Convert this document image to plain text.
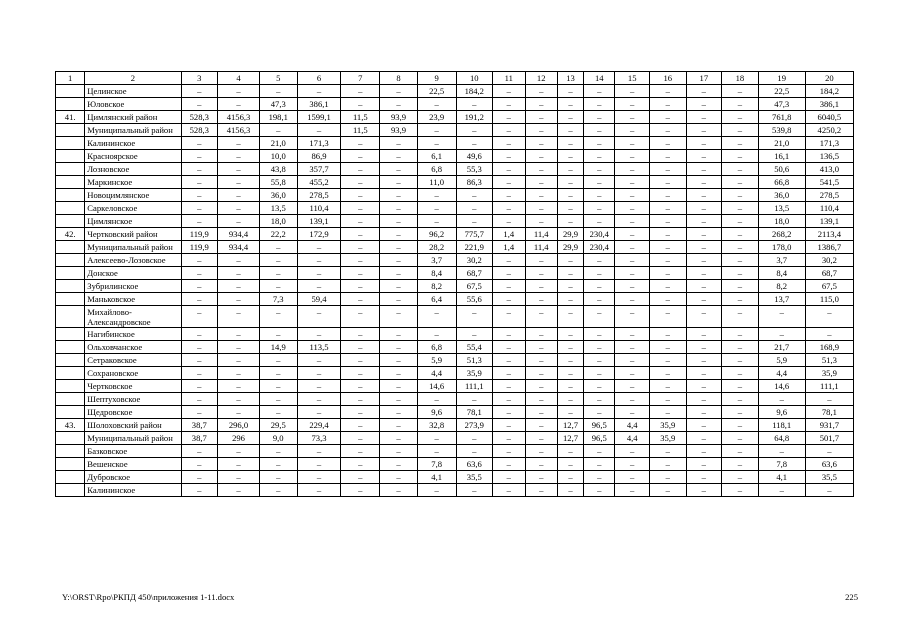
1	2	3	4	5	6	7	8	9	10	11	12	13	14	15	16	17	18	19	20
	Целинское	–	–	–	–	–	–	22,5	184,2	–	–	–	–	–	–	–	–	22,5	184,2
	Юловское	–	–	47,3	386,1	–	–	–	–	–	–	–	–	–	–	–	–	47,3	386,1
41.	Цимлянский район	528,3	4156,3	198,1	1599,1	11,5	93,9	23,9	191,2	–	–	–	–	–	–	–	–	761,8	6040,5
	Муниципальный район	528,3	4156,3	–	–	11,5	93,9	–	–	–	–	–	–	–	–	–	–	539,8	4250,2
	Калининское	–	–	21,0	171,3	–	–	–	–	–	–	–	–	–	–	–	–	21,0	171,3
	Красноярское	–	–	10,0	86,9	–	–	6,1	49,6	–	–	–	–	–	–	–	–	16,1	136,5
	Лозновское	–	–	43,8	357,7	–	–	6,8	55,3	–	–	–	–	–	–	–	–	50,6	413,0
	Маркинское	–	–	55,8	455,2	–	–	11,0	86,3	–	–	–	–	–	–	–	–	66,8	541,5
	Новоцимлянское	–	–	36,0	278,5	–	–	–	–	–	–	–	–	–	–	–	–	36,0	278,5
	Саркеловское	–	–	13,5	110,4	–	–	–	–	–	–	–	–	–	–	–	–	13,5	110,4
	Цимлянское	–	–	18,0	139,1	–	–	–	–	–	–	–	–	–	–	–	–	18,0	139,1
42.	Чертковский район	119,9	934,4	22,2	172,9	–	–	96,2	775,7	1,4	11,4	29,9	230,4	–	–	–	–	268,2	2113,4
	Муниципальный район	119,9	934,4	–	–	–	–	28,2	221,9	1,4	11,4	29,9	230,4	–	–	–	–	178,0	1386,7
	Алексеево-Лозовское	–	–	–	–	–	–	3,7	30,2	–	–	–	–	–	–	–	–	3,7	30,2
	Донское	–	–	–	–	–	–	8,4	68,7	–	–	–	–	–	–	–	–	8,4	68,7
	Зубрилинское	–	–	–	–	–	–	8,2	67,5	–	–	–	–	–	–	–	–	8,2	67,5
	Маньковское	–	–	7,3	59,4	–	–	6,4	55,6	–	–	–	–	–	–	–	–	13,7	115,0
	Михайлово-Александровское	–	–	–	–	–	–	–	–	–	–	–	–	–	–	–	–	–	–
	Нагибинское	–	–	–	–	–	–	–	–	–	–	–	–	–	–	–	–	–	–
	Ольховчанское	–	–	14,9	113,5	–	–	6,8	55,4	–	–	–	–	–	–	–	–	21,7	168,9
	Сетраковское	–	–	–	–	–	–	5,9	51,3	–	–	–	–	–	–	–	–	5,9	51,3
	Сохрановское	–	–	–	–	–	–	4,4	35,9	–	–	–	–	–	–	–	–	4,4	35,9
	Чертковское	–	–	–	–	–	–	14,6	111,1	–	–	–	–	–	–	–	–	14,6	111,1
	Шептуховское	–	–	–	–	–	–	–	–	–	–	–	–	–	–	–	–	–	–
	Щедровское	–	–	–	–	–	–	9,6	78,1	–	–	–	–	–	–	–	–	9,6	78,1
43.	Шолоховский район	38,7	296,0	29,5	229,4	–	–	32,8	273,9	–	–	12,7	96,5	4,4	35,9	–	–	118,1	931,7
	Муниципальный район	38,7	296	9,0	73,3	–	–	–	–	–	–	12,7	96,5	4,4	35,9	–	–	64,8	501,7
	Базковское	–	–	–	–	–	–	–	–	–	–	–	–	–	–	–	–	–	–
	Вешенское	–	–	–	–	–	–	7,8	63,6	–	–	–	–	–	–	–	–	7,8	63,6
	Дубровское	–	–	–	–	–	–	4,1	35,5	–	–	–	–	–	–	–	–	4,1	35,5
	Калининское	–	–	–	–	–	–	–	–	–	–	–	–	–	–	–	–	–	–
Y:\ORST\Rpo\РКПД 450\приложения 1-11.docx	225
